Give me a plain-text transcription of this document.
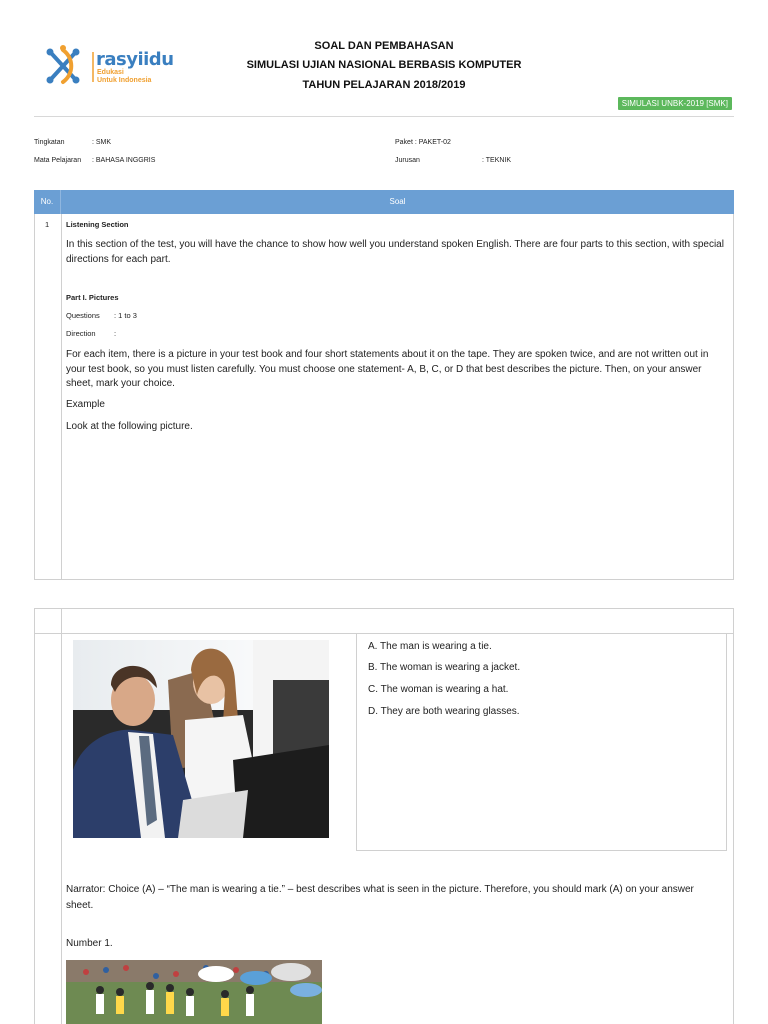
rasyiidu
Edukasi
Untuk Indonesia
SOAL DAN PEMBAHASAN
SIMULASI UJIAN NASIONAL BERBASIS KOMPUTER
TAHUN PELAJARAN 2018/2019
SIMULASI UNBK-2019 [SMK]
Tingkatan	: SMK
Mata Pelajaran : BAHASA INGGRIS
Paket : PAKET-02
Jurusan	: TEKNIK
No.	Soal
1 Listening Section
In this section of the test, you will have the chance to show how well you understand spoken English. There are four parts to this section, with special directions for each part.
Part I. Pictures
Questions : 1 to 3
Direction :
For each item, there is a picture in your test book and four short statements about it on the tape. They are spoken twice, and are not written out in your test book, so you must listen carefully. You must choose one statement- A, B, C, or D that best describes the picture. Then, on your answer sheet, mark your choice.
Example
Look at the following picture.
A. The man is wearing a tie.
B. The woman is wearing a jacket.
C. The woman is wearing a hat.
D. They are both wearing glasses.
Narrator: Choice (A) – “The man is wearing a tie.” – best describes what is seen in the picture. Therefore, you should mark (A) on your answer sheet.
Number 1.
